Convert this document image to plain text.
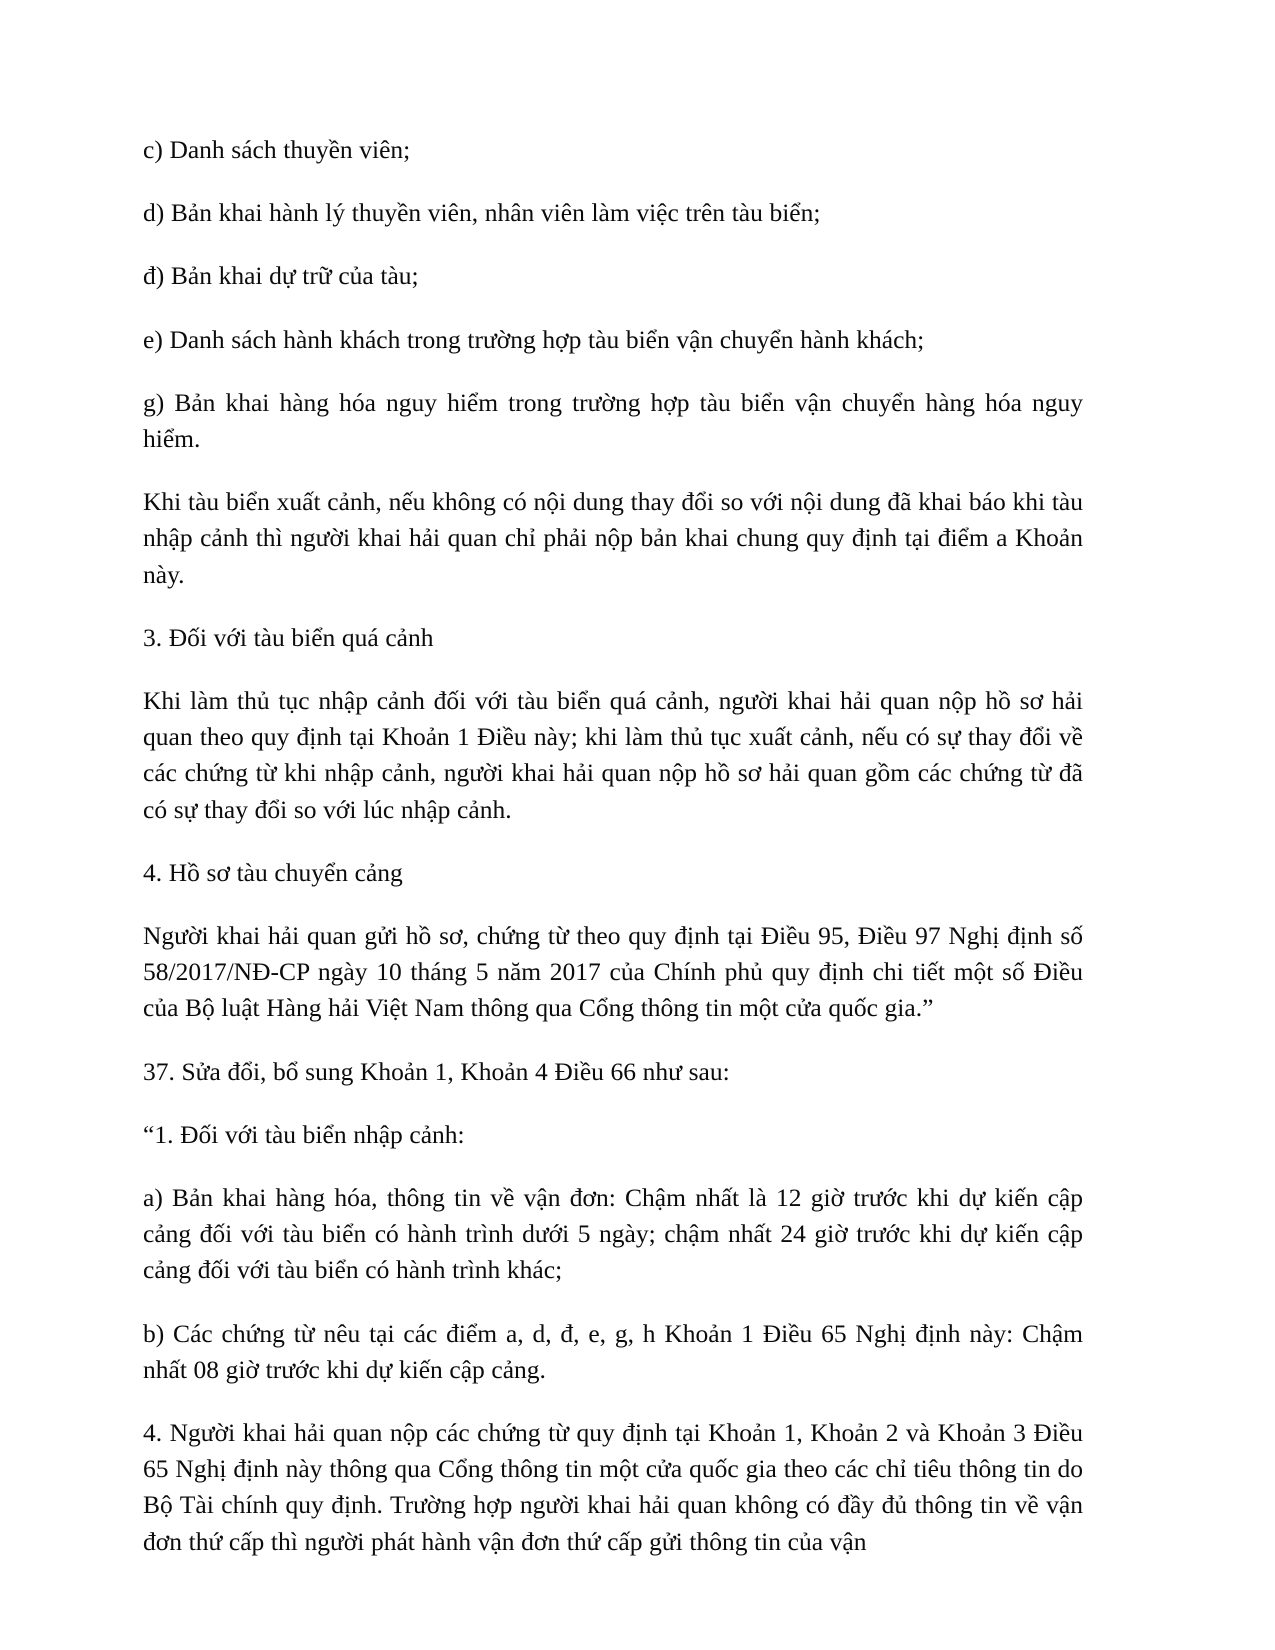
c) Danh sách thuyền viên;

d) Bản khai hành lý thuyền viên, nhân viên làm việc trên tàu biển;

đ) Bản khai dự trữ của tàu;

e) Danh sách hành khách trong trường hợp tàu biển vận chuyển hành khách;

g) Bản khai hàng hóa nguy hiểm trong trường hợp tàu biển vận chuyển hàng hóa nguy hiểm.

Khi tàu biển xuất cảnh, nếu không có nội dung thay đổi so với nội dung đã khai báo khi tàu nhập cảnh thì người khai hải quan chỉ phải nộp bản khai chung quy định tại điểm a Khoản này.

3. Đối với tàu biển quá cảnh

Khi làm thủ tục nhập cảnh đối với tàu biển quá cảnh, người khai hải quan nộp hồ sơ hải quan theo quy định tại Khoản 1 Điều này; khi làm thủ tục xuất cảnh, nếu có sự thay đổi về các chứng từ khi nhập cảnh, người khai hải quan nộp hồ sơ hải quan gồm các chứng từ đã có sự thay đổi so với lúc nhập cảnh.

4. Hồ sơ tàu chuyển cảng

Người khai hải quan gửi hồ sơ, chứng từ theo quy định tại Điều 95, Điều 97 Nghị định số 58/2017/NĐ-CP ngày 10 tháng 5 năm 2017 của Chính phủ quy định chi tiết một số Điều của Bộ luật Hàng hải Việt Nam thông qua Cổng thông tin một cửa quốc gia.”

37. Sửa đổi, bổ sung Khoản 1, Khoản 4 Điều 66 như sau:

“1. Đối với tàu biển nhập cảnh:

a) Bản khai hàng hóa, thông tin về vận đơn: Chậm nhất là 12 giờ trước khi dự kiến cập cảng đối với tàu biển có hành trình dưới 5 ngày; chậm nhất 24 giờ trước khi dự kiến cập cảng đối với tàu biển có hành trình khác;

b) Các chứng từ nêu tại các điểm a, d, đ, e, g, h Khoản 1 Điều 65 Nghị định này: Chậm nhất 08 giờ trước khi dự kiến cập cảng.

4. Người khai hải quan nộp các chứng từ quy định tại Khoản 1, Khoản 2 và Khoản 3 Điều 65 Nghị định này thông qua Cổng thông tin một cửa quốc gia theo các chỉ tiêu thông tin do Bộ Tài chính quy định. Trường hợp người khai hải quan không có đầy đủ thông tin về vận đơn thứ cấp thì người phát hành vận đơn thứ cấp gửi thông tin của vận
